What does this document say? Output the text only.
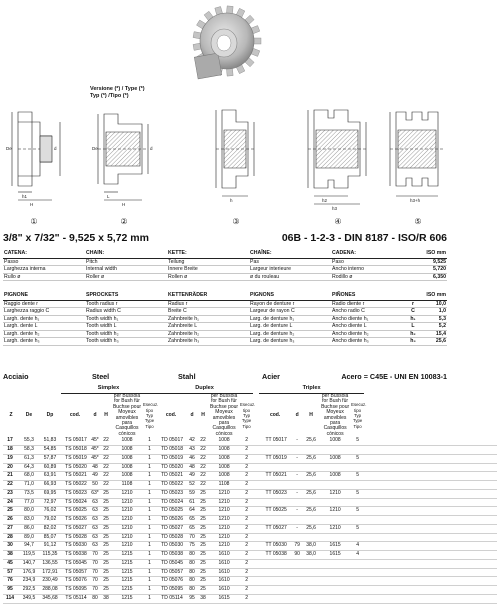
Versione (*) / Type (*)
Typ (*) /Tipo (*)
De	d
h1
H
De	d
L
H
h	h2
h3
h3+h
①	②	③	④	⑤
3/8" x 7/32" - 9,525 x 5,72 mm	06B - 1-2-3 - DIN 8187 - ISO/R 606
CATENA:	CHAIN:	KETTE:	CHAÎNE:	CADENA:		ISO mm
Passo	Pitch	Teilung	Pas	Paso		9,525
Larghezza interna	Internal width	Innere Breite	Largeur interieure	Ancho interno		5,720
Rullo ø	Roller ø	Rollen ø	ø du rouleau	Rodillo ø		6,350
PIGNONE	SPROCKETS	KETTENRÄDER	PIGNONS	PIÑONES		ISO mm
Raggio dente r	Tooth radius r	Radius r	Rayon de denture r	Radio diente r	r	10,0
Larghezza raggio C	Radius width C	Breite C	Largeur de rayon C	Ancho radio C	C	1,0
Largh. dente h₁	Tooth width h₁	Zahnbreite h₁	Larg. de denture h₁	Ancho diente h₁	h₁	5,3
Largh. dente L	Tooth width L	Zahnbreite L	Larg. de denture L	Ancho diente L	L	5,2
Largh. dente h₂	Tooth width h₂	Zahnbreite h₂	Larg. de denture h₂	Ancho diente h₂	h₂	15,4
Largh. dente h₃	Tooth width h₃	Zahnbreite h₃	Larg. de denture h₃	Ancho diente h₃	h₃	25,6
Acciaio	Steel	Stahl	Acier	Acero = C45E - UNI EN 10083-1
			Simplex					Duplex						Triplex					
Z	De	Dp	cod.	d	H	per Bussola for Bush für Buchse pour Moyeux amovibles para Casquillos cónicos	Esecuz. tipo Typ Type Tipo	cod.	d	H	per Bussola for Bush für Buchse pour Moyeux amovibles para Casquillos cónicos	Esecuz. tipo Typ Type Tipo		cod.	d	H	per Bussola for Bush für Buchse pour Moyeux amovibles para Casquillos cónicos	Esecuz. tipo Typ Type Tipo	
17	55,3	51,83	TS 05017	45*	22	1008	1	TD 05017	42	22	1008	2		TT 05017	-	25,6	1008	5	
18	58,3	54,85	TS 05018	45*	22	1008	1	TD 05018	43	22	1008	2							
19	61,3	57,87	TS 05019	45*	22	1008	1	TD 05019	46	22	1008	2		TT 05019	-	25,6	1008	5	
20	64,3	60,89	TS 05020	48	22	1008	1	TD 05020	48	22	1008	2							
21	68,0	63,91	TS 05021	49	22	1008	1	TD 05021	49	22	1008	2		TT 05021	-	25,6	1008	5	
22	71,0	66,93	TS 05022	50	22	1108	1	TD 05022	52	22	1108	2							
23	73,5	69,95	TS 05023	63*	25	1210	1	TD 05023	59	25	1210	2		TT 05023	-	25,6	1210	5	
24	77,0	72,97	TS 05024	63	25	1210	1	TD 05024	61	25	1210	2							
25	80,0	76,02	TS 05025	63	25	1210	1	TD 05025	64	25	1210	2		TT 05025	-	25,6	1210	5	
26	83,0	79,02	TS 05026	63	25	1210	1	TD 05026	65	25	1210	2							
27	86,0	82,02	TS 05027	63	25	1210	1	TD 05027	65	25	1210	2		TT 05027	-	25,6	1210	5	
28	89,0	85,07	TS 05028	63	25	1210	1	TD 05028	70	25	1210	2							
30	94,7	91,12	TS 05030	63	25	1210	1	TD 05030	75	25	1210	2		TT 05030	79	38,0	1615	4	
38	119,5	115,35	TS 05038	70	25	1215	1	TD 05038	80	25	1610	2		TT 05038	90	38,0	1615	4	
45	140,7	136,55	TS 05045	70	25	1215	1	TD 05045	80	25	1610	2							
57	176,9	172,91	TS 05057	70	25	1215	1	TD 05057	80	25	1610	2							
76	234,9	230,49	TS 05076	70	25	1215	1	TD 05076	80	25	1610	2							
95	292,5	288,08	TS 05095	70	25	1215	1	TD 05095	80	25	1610	2							
114	349,5	345,68	TS 05114	80	38	1215	1	TD 05114	95	38	1615	2							
